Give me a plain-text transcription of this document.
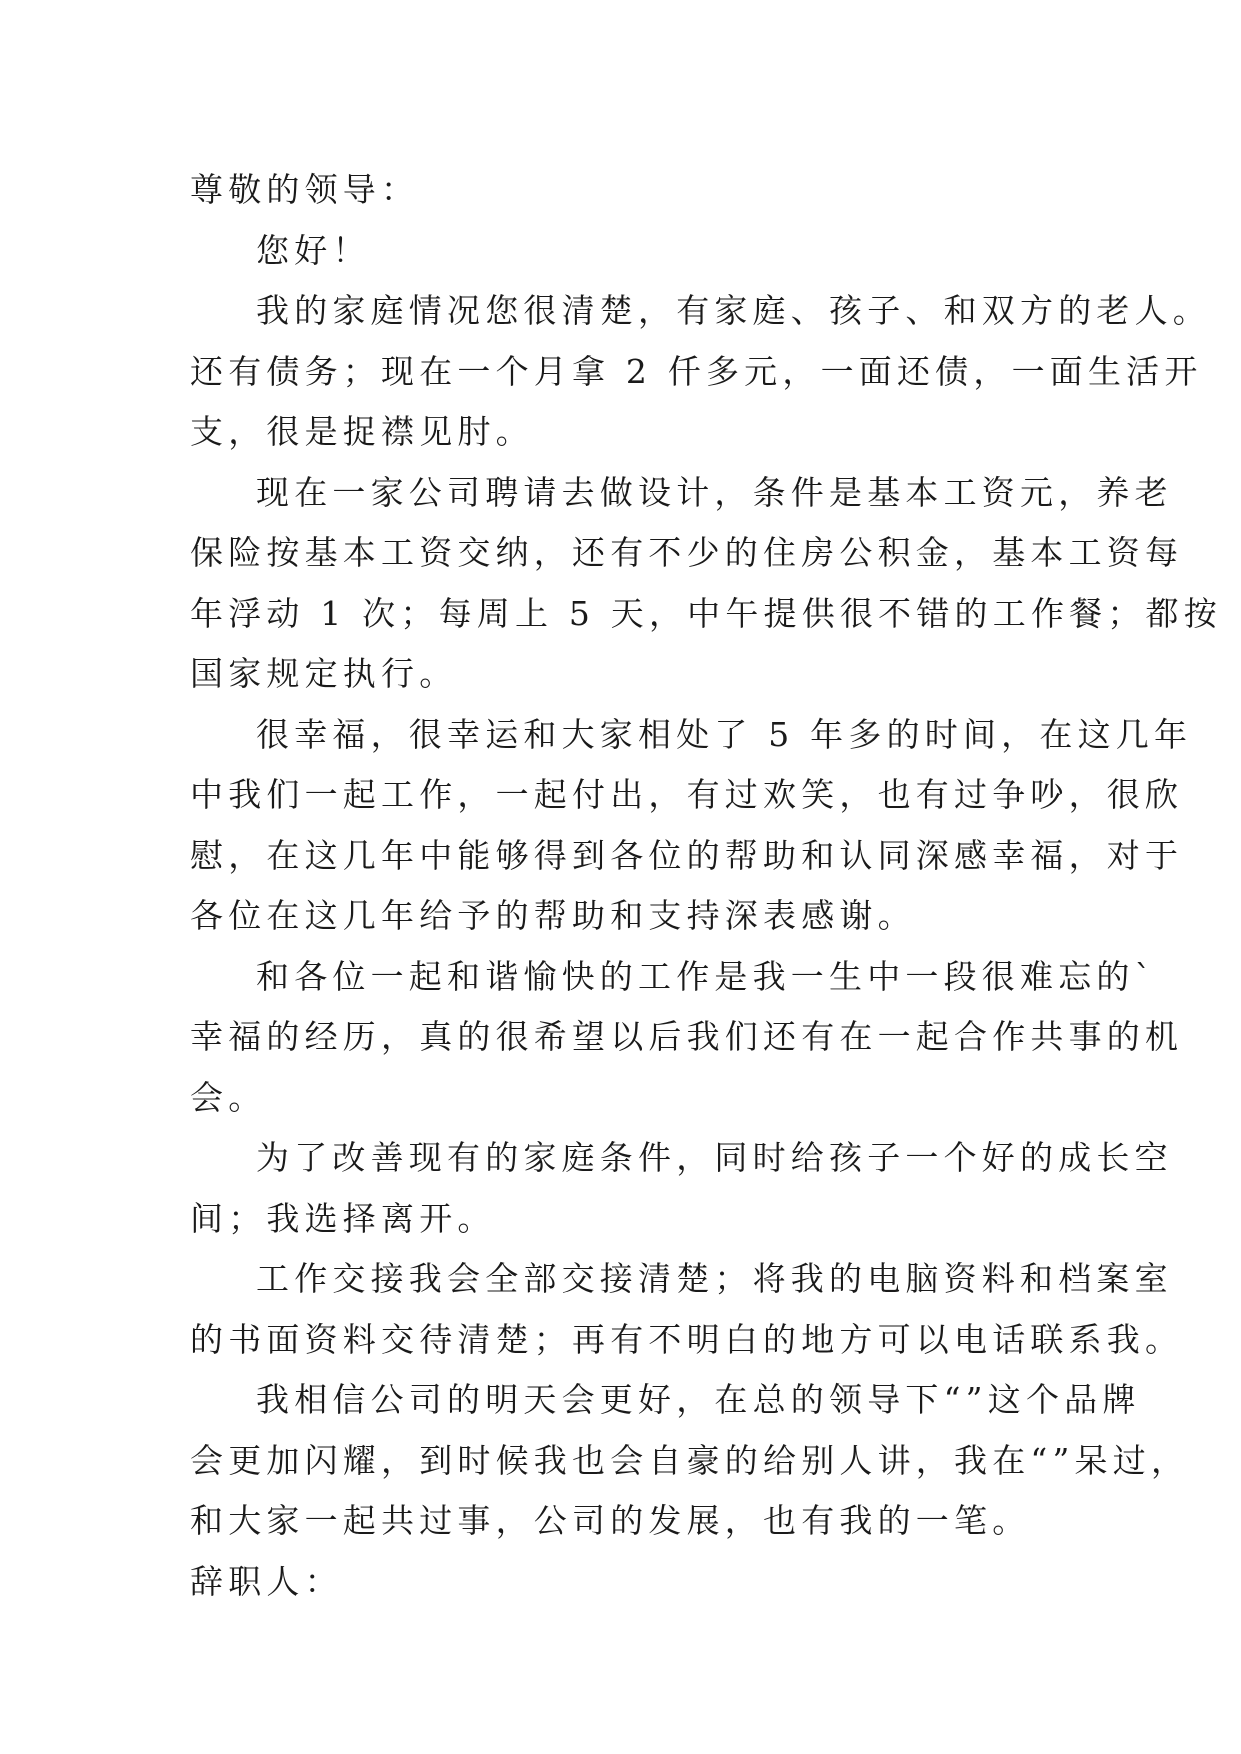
尊敬的领导：
您好！
我的家庭情况您很清楚，有家庭、孩子、和双方的老人。
还有债务；现在一个月拿 2 仟多元，一面还债，一面生活开
支，很是捉襟见肘。
现在一家公司聘请去做设计，条件是基本工资元，养老
保险按基本工资交纳，还有不少的住房公积金，基本工资每
年浮动 1 次；每周上 5 天，中午提供很不错的工作餐；都按
国家规定执行。
很幸福，很幸运和大家相处了 5 年多的时间，在这几年
中我们一起工作，一起付出，有过欢笑，也有过争吵，很欣
慰，在这几年中能够得到各位的帮助和认同深感幸福，对于
各位在这几年给予的帮助和支持深表感谢。
和各位一起和谐愉快的工作是我一生中一段很难忘的`
幸福的经历，真的很希望以后我们还有在一起合作共事的机
会。
为了改善现有的家庭条件，同时给孩子一个好的成长空
间；我选择离开。
工作交接我会全部交接清楚；将我的电脑资料和档案室
的书面资料交待清楚；再有不明白的地方可以电话联系我。
我相信公司的明天会更好，在总的领导下“”这个品牌
会更加闪耀，到时候我也会自豪的给别人讲，我在“”呆过，
和大家一起共过事，公司的发展，也有我的一笔。
辞职人：
